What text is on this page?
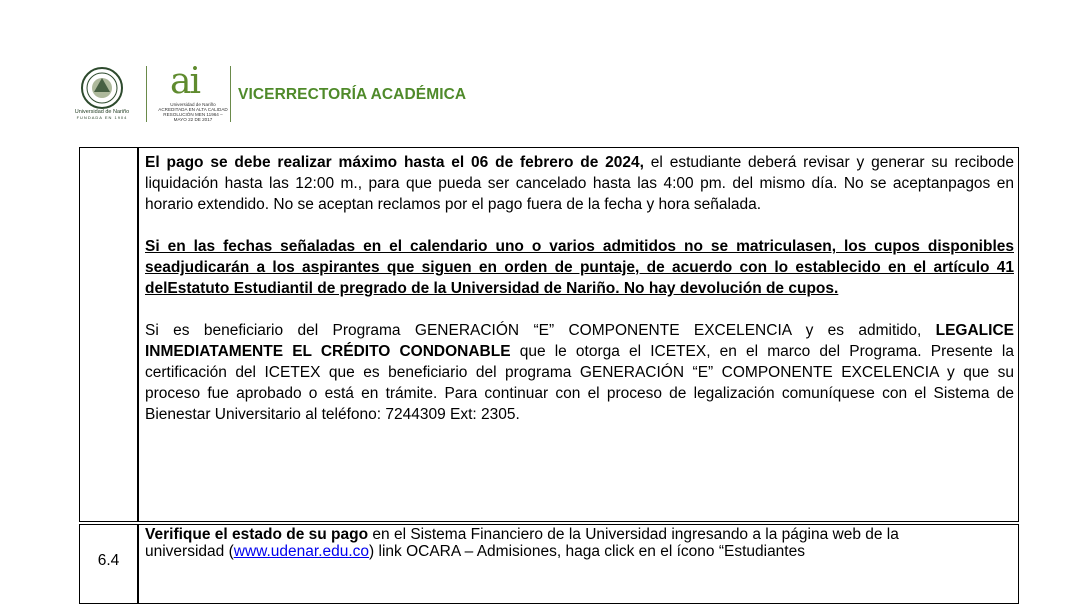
Universidad de Nariño
FUNDADA EN 1904
ai
Universidad de Nariño
ACREDITADA EN ALTA CALIDAD
RESOLUCIÓN MEN 11964 – MAYO 22 DE 2017
VICERRECTORÍA ACADÉMICA

El pago se debe realizar máximo hasta el 06 de febrero de 2024, el estudiante deberá revisar y generar su recibode liquidación hasta las 12:00 m., para que pueda ser cancelado hasta las 4:00 pm. del mismo día. No se aceptanpagos en horario extendido. No se aceptan reclamos por el pago fuera de la fecha y hora señalada.

Si en las fechas señaladas en el calendario uno o varios admitidos no se matriculasen, los cupos disponibles seadjudicarán a los aspirantes que siguen en orden de puntaje, de acuerdo con lo establecido en el artículo 41 delEstatuto Estudiantil de pregrado de la Universidad de Nariño. No hay devolución de cupos.

Si es beneficiario del Programa GENERACIÓN “E” COMPONENTE EXCELENCIA y es admitido, LEGALICE INMEDIATAMENTE EL CRÉDITO CONDONABLE que le otorga el ICETEX, en el marco del Programa. Presente la certificación del ICETEX que es beneficiario del programa GENERACIÓN “E” COMPONENTE EXCELENCIA y que su proceso fue aprobado o está en trámite. Para continuar con el proceso de legalización comuníquese con el Sistema de Bienestar Universitario al teléfono: 7244309 Ext: 2305.

6.4

Verifique el estado de su pago en el Sistema Financiero de la Universidad ingresando a la página web de la

universidad (www.udenar.edu.co) link OCARA – Admisiones, haga click en el ícono “Estudiantes
